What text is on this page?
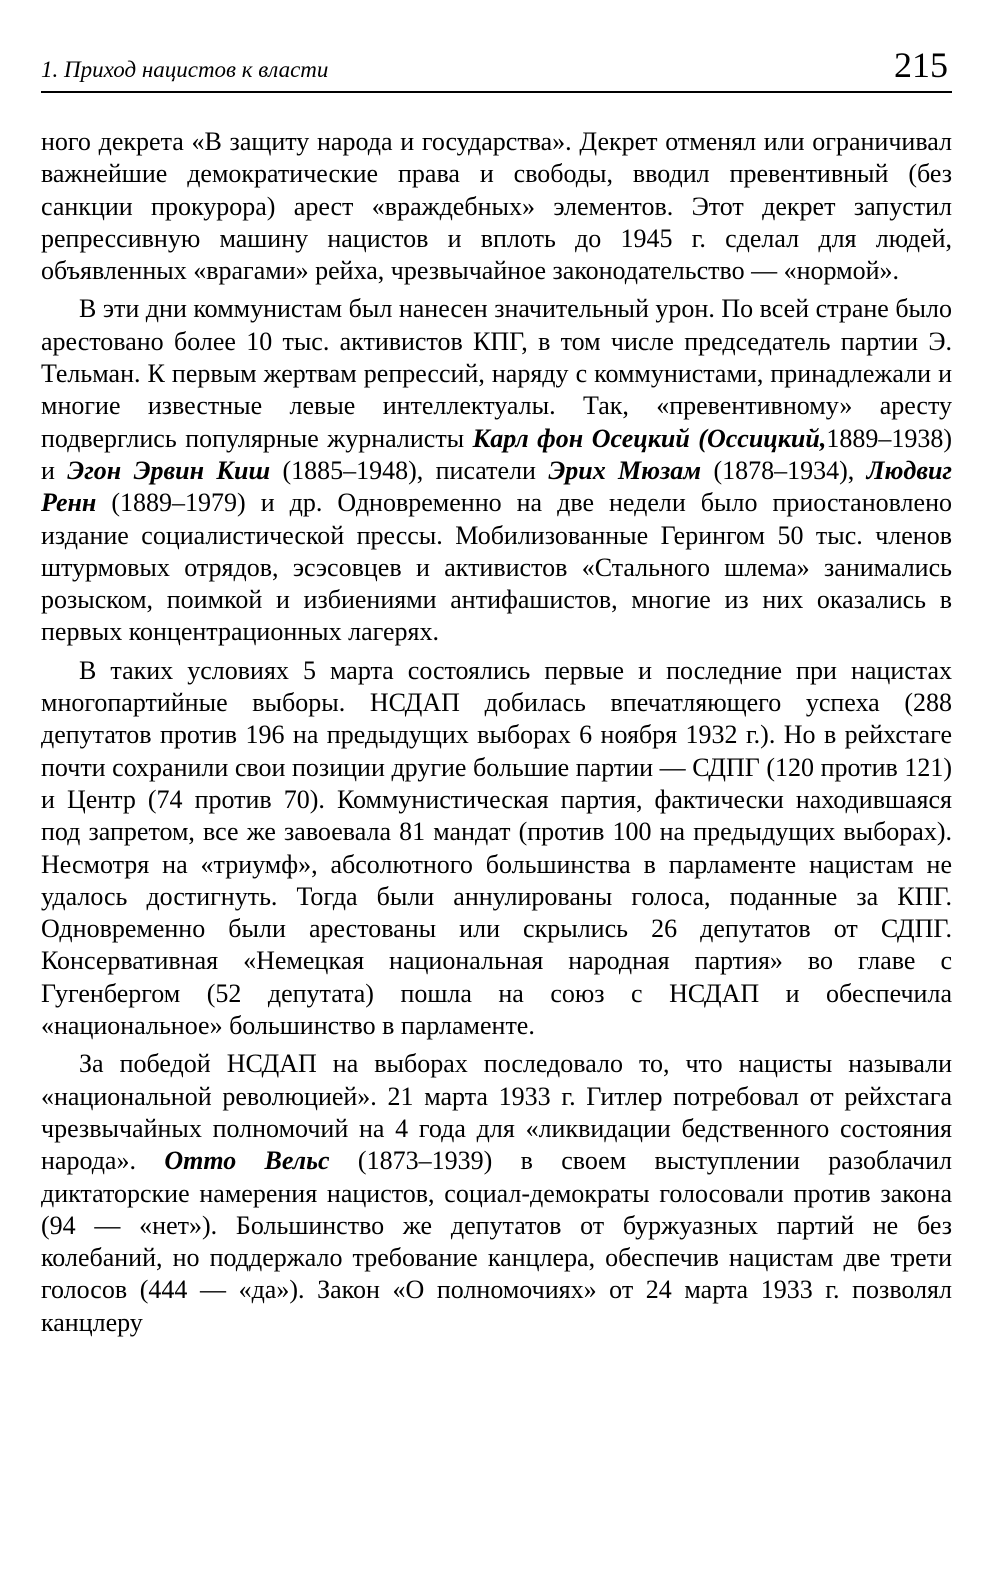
1. Приход нацистов к власти	215

ного декрета «В защиту народа и государства». Декрет отменял или ограничивал важнейшие демократические права и свободы, вводил превентивный (без санкции прокурора) арест «враждебных» элементов. Этот декрет запустил репрессивную машину нацистов и вплоть до 1945 г. сделал для людей, объявленных «врагами» рейха, чрезвычайное законодательство — «нормой».

В эти дни коммунистам был нанесен значительный урон. По всей стране было арестовано более 10 тыс. активистов КПГ, в том числе председатель партии Э. Тельман. К первым жертвам репрессий, наряду с коммунистами, принадлежали и многие известные левые интеллектуалы. Так, «превентивному» аресту подверглись популярные журналисты Карл фон Осецкий (Оссицкий,1889–1938) и Эгон Эрвин Киш (1885–1948), писатели Эрих Мюзам (1878–1934), Людвиг Ренн (1889–1979) и др. Одновременно на две недели было приостановлено издание социалистической прессы. Мобилизованные Герингом 50 тыс. членов штурмовых отрядов, эсэсовцев и активистов «Стального шлема» занимались розыском, поимкой и избиениями антифашистов, многие из них оказались в первых концентрационных лагерях.

В таких условиях 5 марта состоялись первые и последние при нацистах многопартийные выборы. НСДАП добилась впечатляющего успеха (288 депутатов против 196 на предыдущих выборах 6 ноября 1932 г.). Но в рейхстаге почти сохранили свои позиции другие большие партии — СДПГ (120 против 121) и Центр (74 против 70). Коммунистическая партия, фактически находившаяся под запретом, все же завоевала 81 мандат (против 100 на предыдущих выборах). Несмотря на «триумф», абсолютного большинства в парламенте нацистам не удалось достигнуть. Тогда были аннулированы голоса, поданные за КПГ. Одновременно были арестованы или скрылись 26 депутатов от СДПГ. Консервативная «Немецкая национальная народная партия» во главе с Гугенбергом (52 депутата) пошла на союз с НСДАП и обеспечила «национальное» большинство в парламенте.

За победой НСДАП на выборах последовало то, что нацисты называли «национальной революцией». 21 марта 1933 г. Гитлер потребовал от рейхстага чрезвычайных полномочий на 4 года для «ликвидации бедственного состояния народа». Отто Вельс (1873–1939) в своем выступлении разоблачил диктаторские намерения нацистов, социал-демократы голосовали против закона (94 — «нет»). Большинство же депутатов от буржуазных партий не без колебаний, но поддержало требование канцлера, обеспечив нацистам две трети голосов (444 — «да»). Закон «О полномочиях» от 24 марта 1933 г. позволял канцлеру
